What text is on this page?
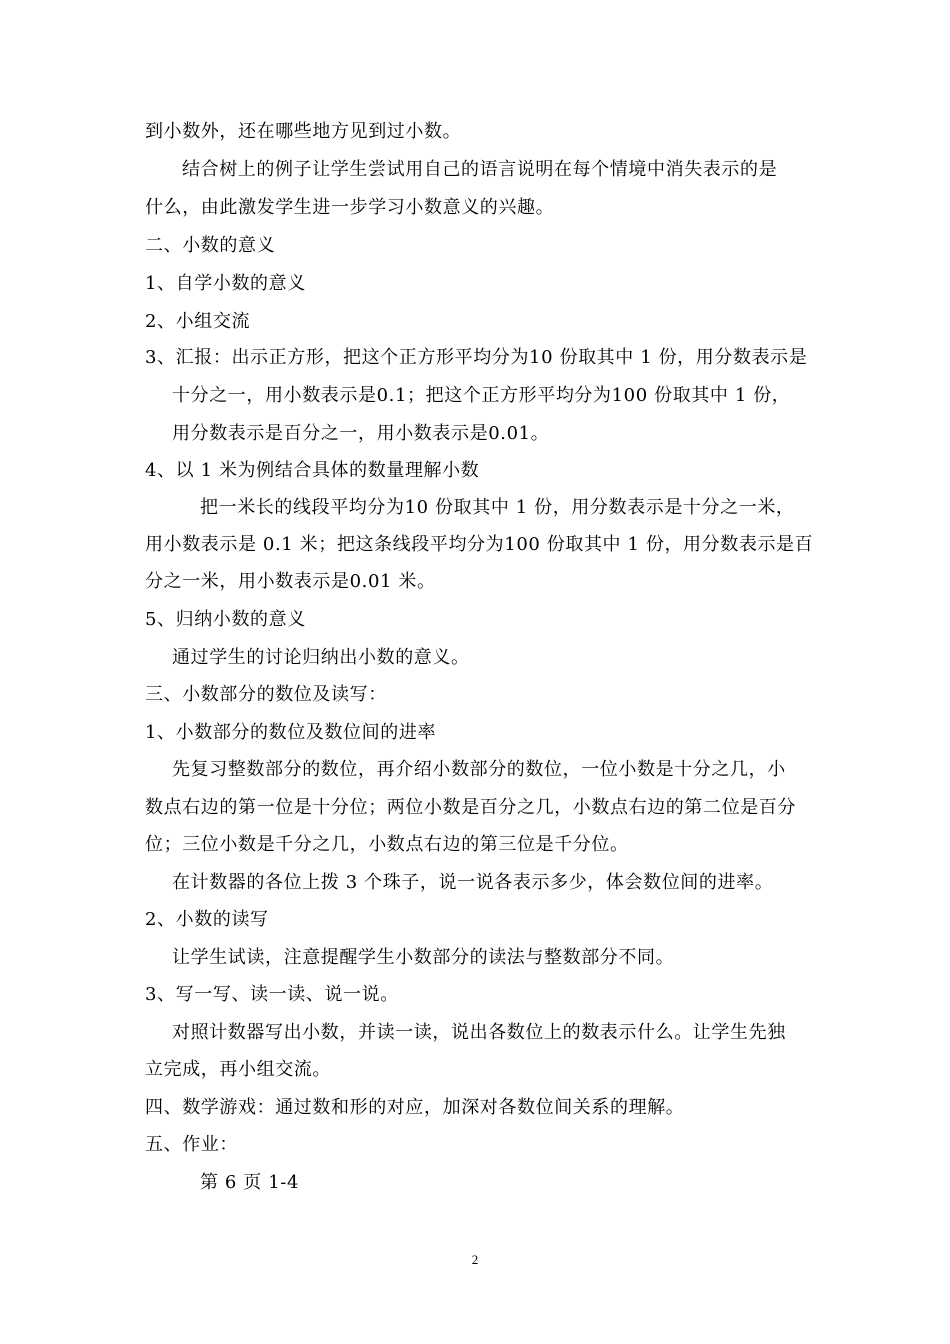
到小数外，还在哪些地方见到过小数。
结合树上的例子让学生尝试用自己的语言说明在每个情境中消失表示的是
什么，由此激发学生进一步学习小数意义的兴趣。
二、小数的意义
1、自学小数的意义
2、小组交流
3、汇报：出示正方形，把这个正方形平均分为10 份取其中 1 份，用分数表示是
十分之一，用小数表示是0.1；把这个正方形平均分为100 份取其中 1 份，
用分数表示是百分之一，用小数表示是0.01。
4、以 1 米为例结合具体的数量理解小数
把一米长的线段平均分为10 份取其中 1 份，用分数表示是十分之一米，
用小数表示是 0.1 米；把这条线段平均分为100 份取其中 1 份，用分数表示是百
分之一米，用小数表示是0.01 米。
5、归纳小数的意义
通过学生的讨论归纳出小数的意义。
三、小数部分的数位及读写：
1、小数部分的数位及数位间的进率
先复习整数部分的数位，再介绍小数部分的数位，一位小数是十分之几，小
数点右边的第一位是十分位；两位小数是百分之几，小数点右边的第二位是百分
位；三位小数是千分之几，小数点右边的第三位是千分位。
在计数器的各位上拨 3 个珠子，说一说各表示多少，体会数位间的进率。
2、小数的读写
让学生试读，注意提醒学生小数部分的读法与整数部分不同。
3、写一写、读一读、说一说。
对照计数器写出小数，并读一读，说出各数位上的数表示什么。让学生先独
立完成，再小组交流。
四、数学游戏：通过数和形的对应，加深对各数位间关系的理解。
五、作业：
第 6 页 1-4
2
